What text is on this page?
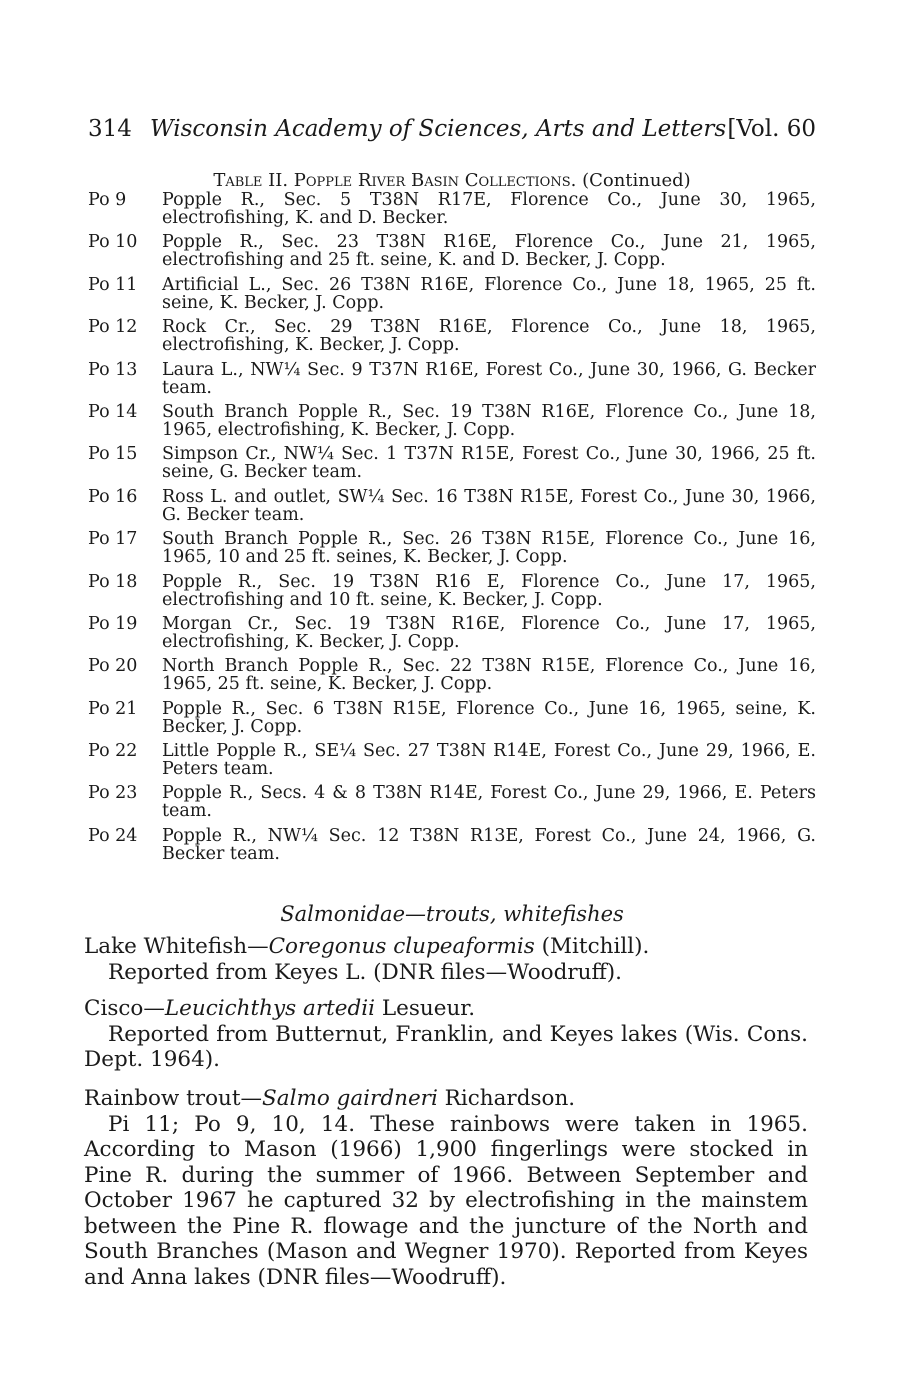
314 Wisconsin Academy of Sciences, Arts and Letters [Vol. 60
Table II. Popple River Basin Collections. (Continued)
Po 9	Popple R., Sec. 5 T38N R17E, Florence Co., June 30, 1965, electrofishing, K. and D. Becker.
Po 10	Popple R., Sec. 23 T38N R16E, Florence Co., June 21, 1965, electrofishing and 25 ft. seine, K. and D. Becker, J. Copp.
Po 11	Artificial L., Sec. 26 T38N R16E, Florence Co., June 18, 1965, 25 ft. seine, K. Becker, J. Copp.
Po 12	Rock Cr., Sec. 29 T38N R16E, Florence Co., June 18, 1965, electrofishing, K. Becker, J. Copp.
Po 13	Laura L., NW¼ Sec. 9 T37N R16E, Forest Co., June 30, 1966, G. Becker team.
Po 14	South Branch Popple R., Sec. 19 T38N R16E, Florence Co., June 18, 1965, electrofishing, K. Becker, J. Copp.
Po 15	Simpson Cr., NW¼ Sec. 1 T37N R15E, Forest Co., June 30, 1966, 25 ft. seine, G. Becker team.
Po 16	Ross L. and outlet, SW¼ Sec. 16 T38N R15E, Forest Co., June 30, 1966, G. Becker team.
Po 17	South Branch Popple R., Sec. 26 T38N R15E, Florence Co., June 16, 1965, 10 and 25 ft. seines, K. Becker, J. Copp.
Po 18	Popple R., Sec. 19 T38N R16 E, Florence Co., June 17, 1965, electrofishing and 10 ft. seine, K. Becker, J. Copp.
Po 19	Morgan Cr., Sec. 19 T38N R16E, Florence Co., June 17, 1965, electrofishing, K. Becker, J. Copp.
Po 20	North Branch Popple R., Sec. 22 T38N R15E, Florence Co., June 16, 1965, 25 ft. seine, K. Becker, J. Copp.
Po 21	Popple R., Sec. 6 T38N R15E, Florence Co., June 16, 1965, seine, K. Becker, J. Copp.
Po 22	Little Popple R., SE¼ Sec. 27 T38N R14E, Forest Co., June 29, 1966, E. Peters team.
Po 23	Popple R., Secs. 4 & 8 T38N R14E, Forest Co., June 29, 1966, E. Peters team.
Po 24	Popple R., NW¼ Sec. 12 T38N R13E, Forest Co., June 24, 1966, G. Becker team.
Salmonidae—trouts, whitefishes

Lake Whitefish—Coregonus clupeaformis (Mitchill).

Reported from Keyes L. (DNR files—Woodruff).

Cisco—Leucichthys artedii Lesueur.

Reported from Butternut, Franklin, and Keyes lakes (Wis. Cons. Dept. 1964).

Rainbow trout—Salmo gairdneri Richardson.

Pi 11; Po 9, 10, 14. These rainbows were taken in 1965. According to Mason (1966) 1,900 fingerlings were stocked in Pine R. during the summer of 1966. Between September and October 1967 he captured 32 by electrofishing in the mainstem between the Pine R. flowage and the juncture of the North and South Branches (Mason and Wegner 1970). Reported from Keyes and Anna lakes (DNR files—Woodruff).
